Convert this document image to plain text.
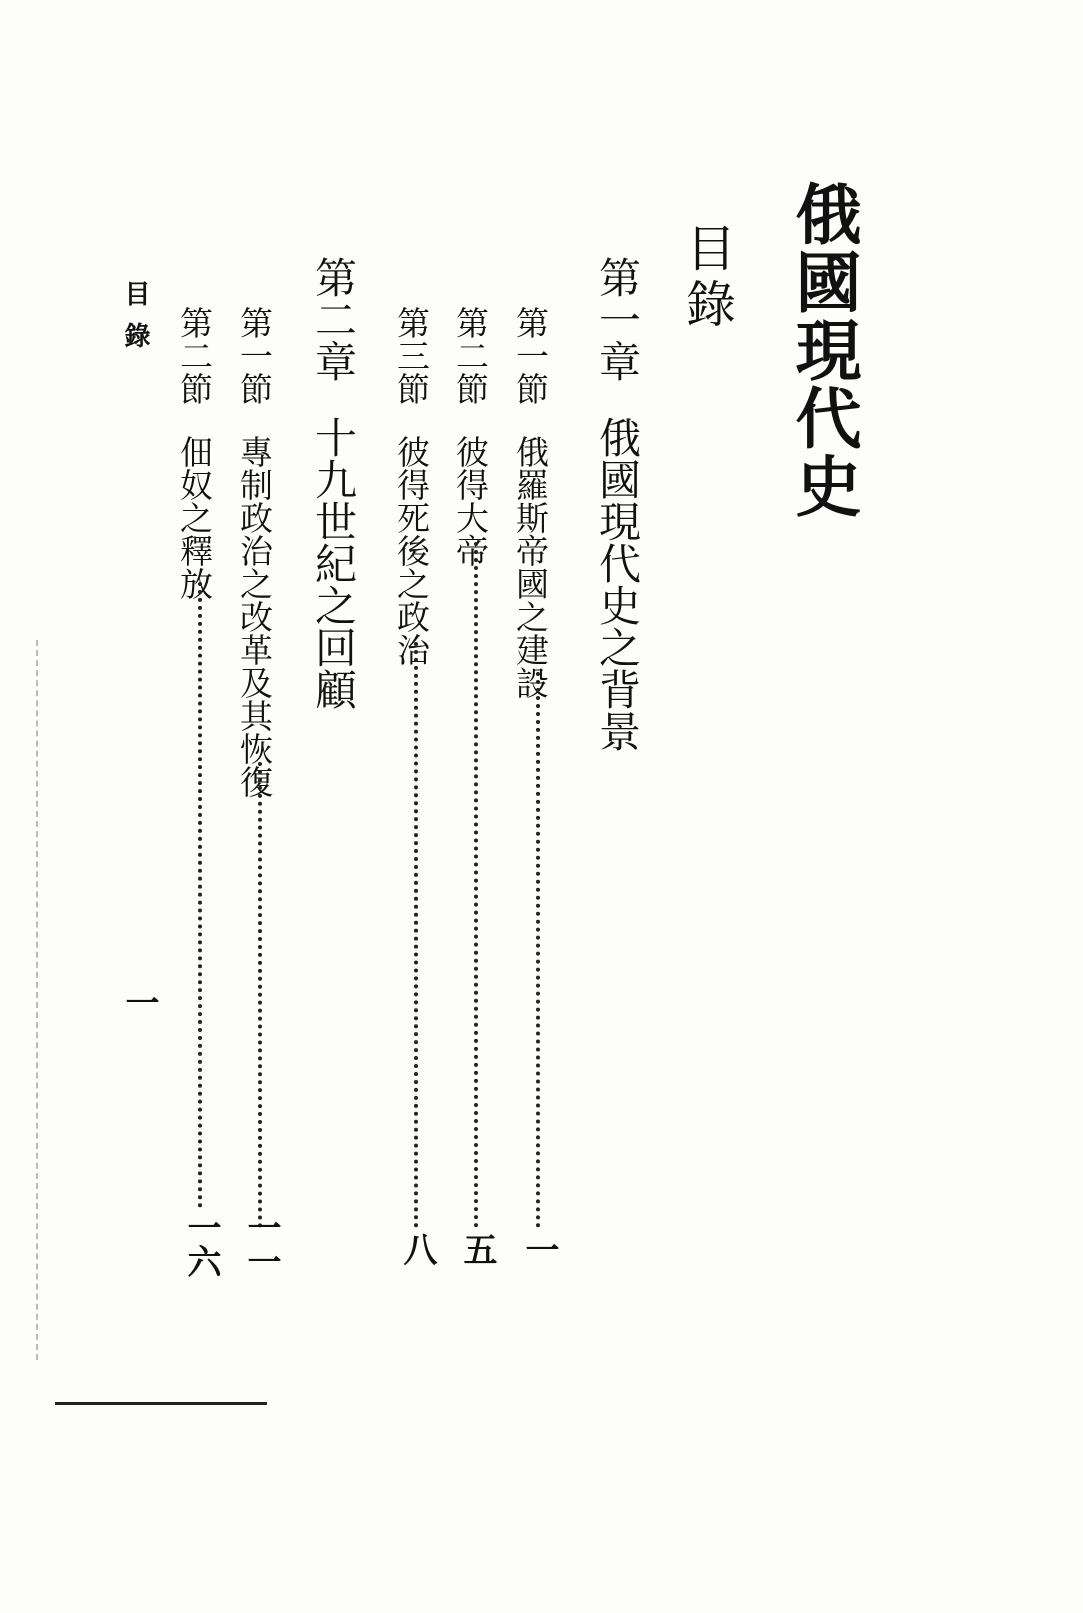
俄國現代史
目錄
第一章俄國現代史之背景
第一節俄羅斯帝國之建設
一
第二節彼得大帝
五
第三節彼得死後之政治
八
第二章十九世紀之回顧
第一節專制政治之改革及其恢復
一一
第二節佃奴之釋放
一六
目錄
一
